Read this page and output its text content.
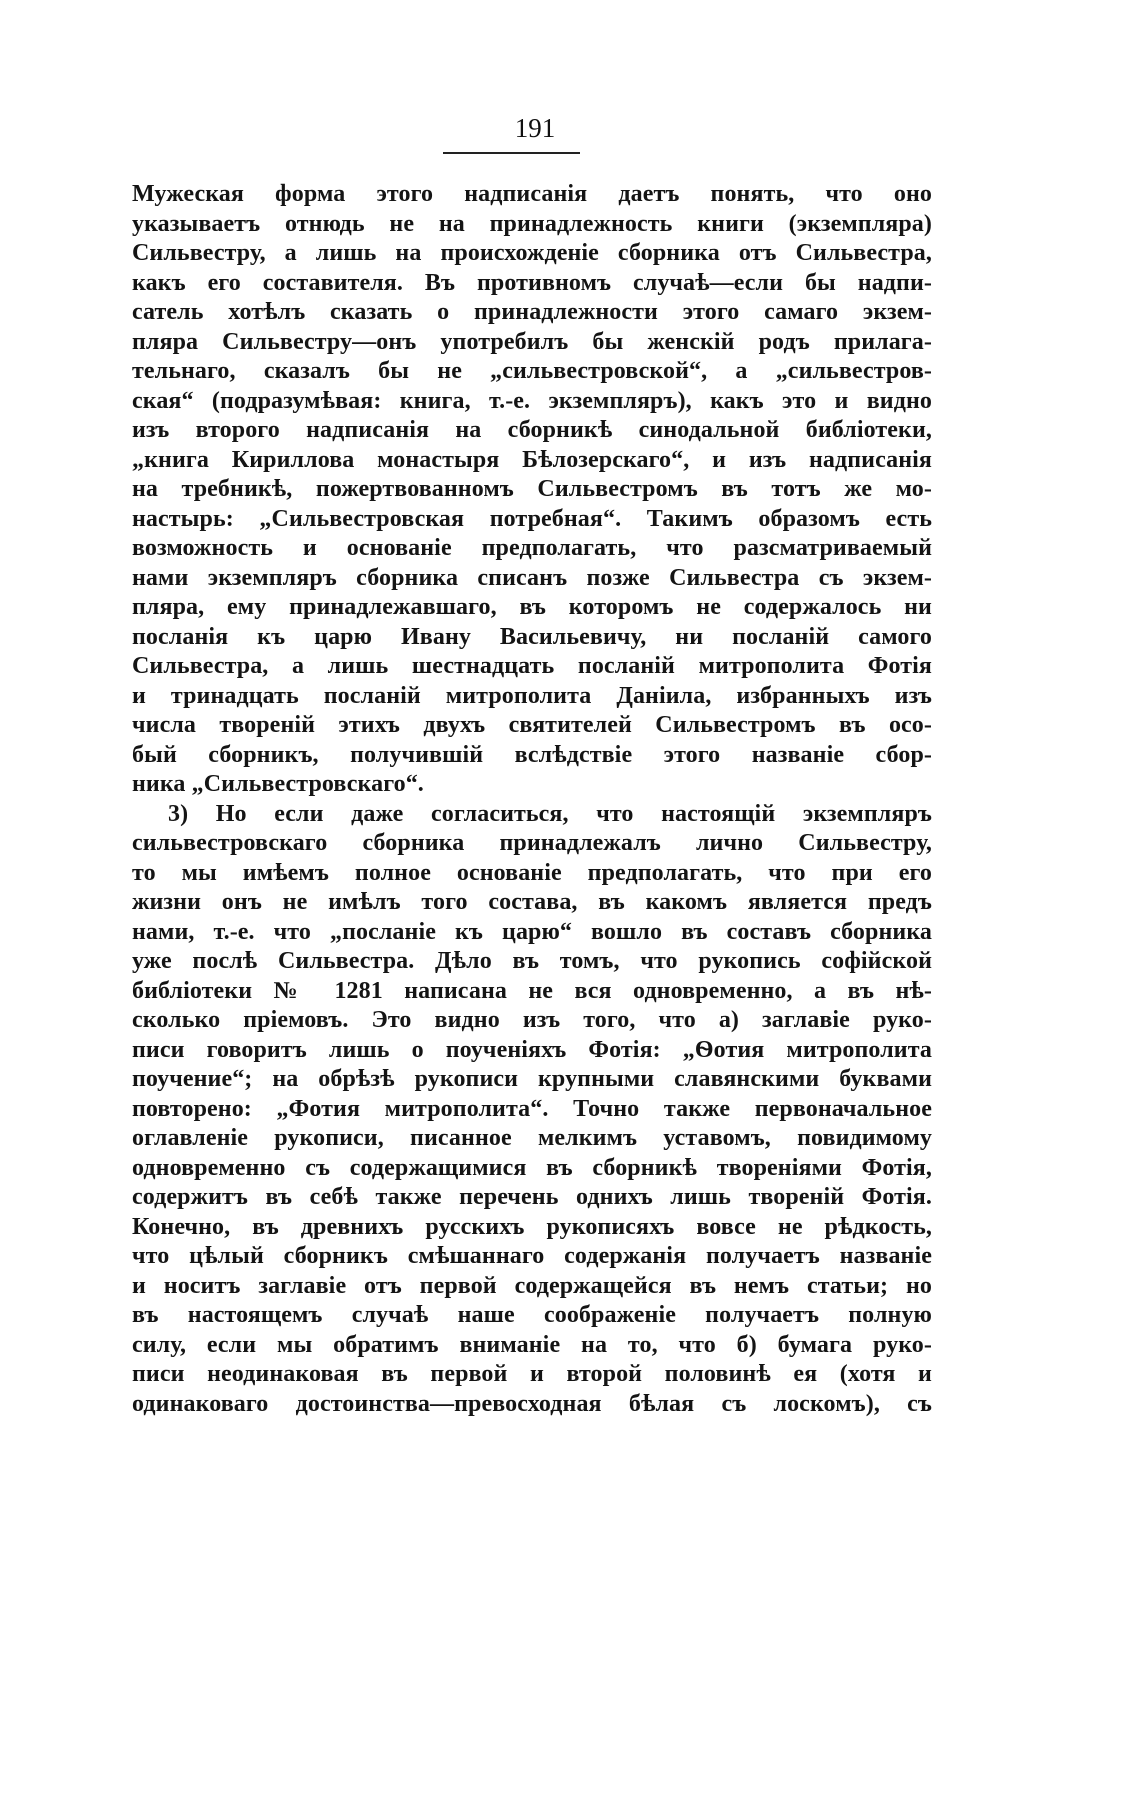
191
Мужеская форма этого надписанія даетъ понять, что оно
указываетъ отнюдь не на принадлежность книги (экземпляра)
Сильвестру, а лишь на происхожденіе сборника отъ Сильвестра,
какъ его составителя. Въ противномъ случаѣ—если бы надпи-
сатель хотѣлъ сказать о принадлежности этого самаго экзем-
пляра Сильвестру—онъ употребилъ бы женскій родъ прилага-
тельнаго, сказалъ бы не „сильвестровской“, а „сильвестров-
ская“ (подразумѣвая: книга, т.-е. экземпляръ), какъ это и видно
изъ второго надписанія на сборникѣ синодальной библіотеки,
„книга Кириллова монастыря Бѣлозерскаго“, и изъ надписанія
на требникѣ, пожертвованномъ Сильвестромъ въ тотъ же мо-
настырь: „Сильвестровская потребная“. Такимъ образомъ есть
возможность и основаніе предполагать, что разсматриваемый
нами экземпляръ сборника списанъ позже Сильвестра съ экзем-
пляра, ему принадлежавшаго, въ которомъ не содержалось ни
посланія къ царю Ивану Васильевичу, ни посланій самого
Сильвестра, а лишь шестнадцать посланій митрополита Фотія
и тринадцать посланій митрополита Даніила, избранныхъ изъ
числа твореній этихъ двухъ святителей Сильвестромъ въ осо-
бый сборникъ, получившій вслѣдствіе этого названіе сбор-
ника „Сильвестровскаго“.
3) Но если даже согласиться, что настоящій экземпляръ
сильвестровскаго сборника принадлежалъ лично Сильвестру,
то мы имѣемъ полное основаніе предполагать, что при его
жизни онъ не имѣлъ того состава, въ какомъ является предъ
нами, т.-е. что „посланіе къ царю“ вошло въ составъ сборника
уже послѣ Сильвестра. Дѣло въ томъ, что рукопись софійской
библіотеки № 1281 написана не вся одновременно, а въ нѣ-
сколько пріемовъ. Это видно изъ того, что а) заглавіе руко-
писи говоритъ лишь о поученіяхъ Фотія: „Ѳотия митрополита
поучение“; на обрѣзѣ рукописи крупными славянскими буквами
повторено: „Фотия митрополита“. Точно также первоначальное
оглавленіе рукописи, писанное мелкимъ уставомъ, повидимому
одновременно съ содержащимися въ сборникѣ твореніями Фотія,
содержитъ въ себѣ также перечень однихъ лишь твореній Фотія.
Конечно, въ древнихъ русскихъ рукописяхъ вовсе не рѣдкость,
что цѣлый сборникъ смѣшаннаго содержанія получаетъ названіе
и носитъ заглавіе отъ первой содержащейся въ немъ статьи; но
въ настоящемъ случаѣ наше соображеніе получаетъ полную
силу, если мы обратимъ вниманіе на то, что б) бумага руко-
писи неодинаковая въ первой и второй половинѣ ея (хотя и
одинаковаго достоинства—превосходная бѣлая съ лоскомъ), съ
